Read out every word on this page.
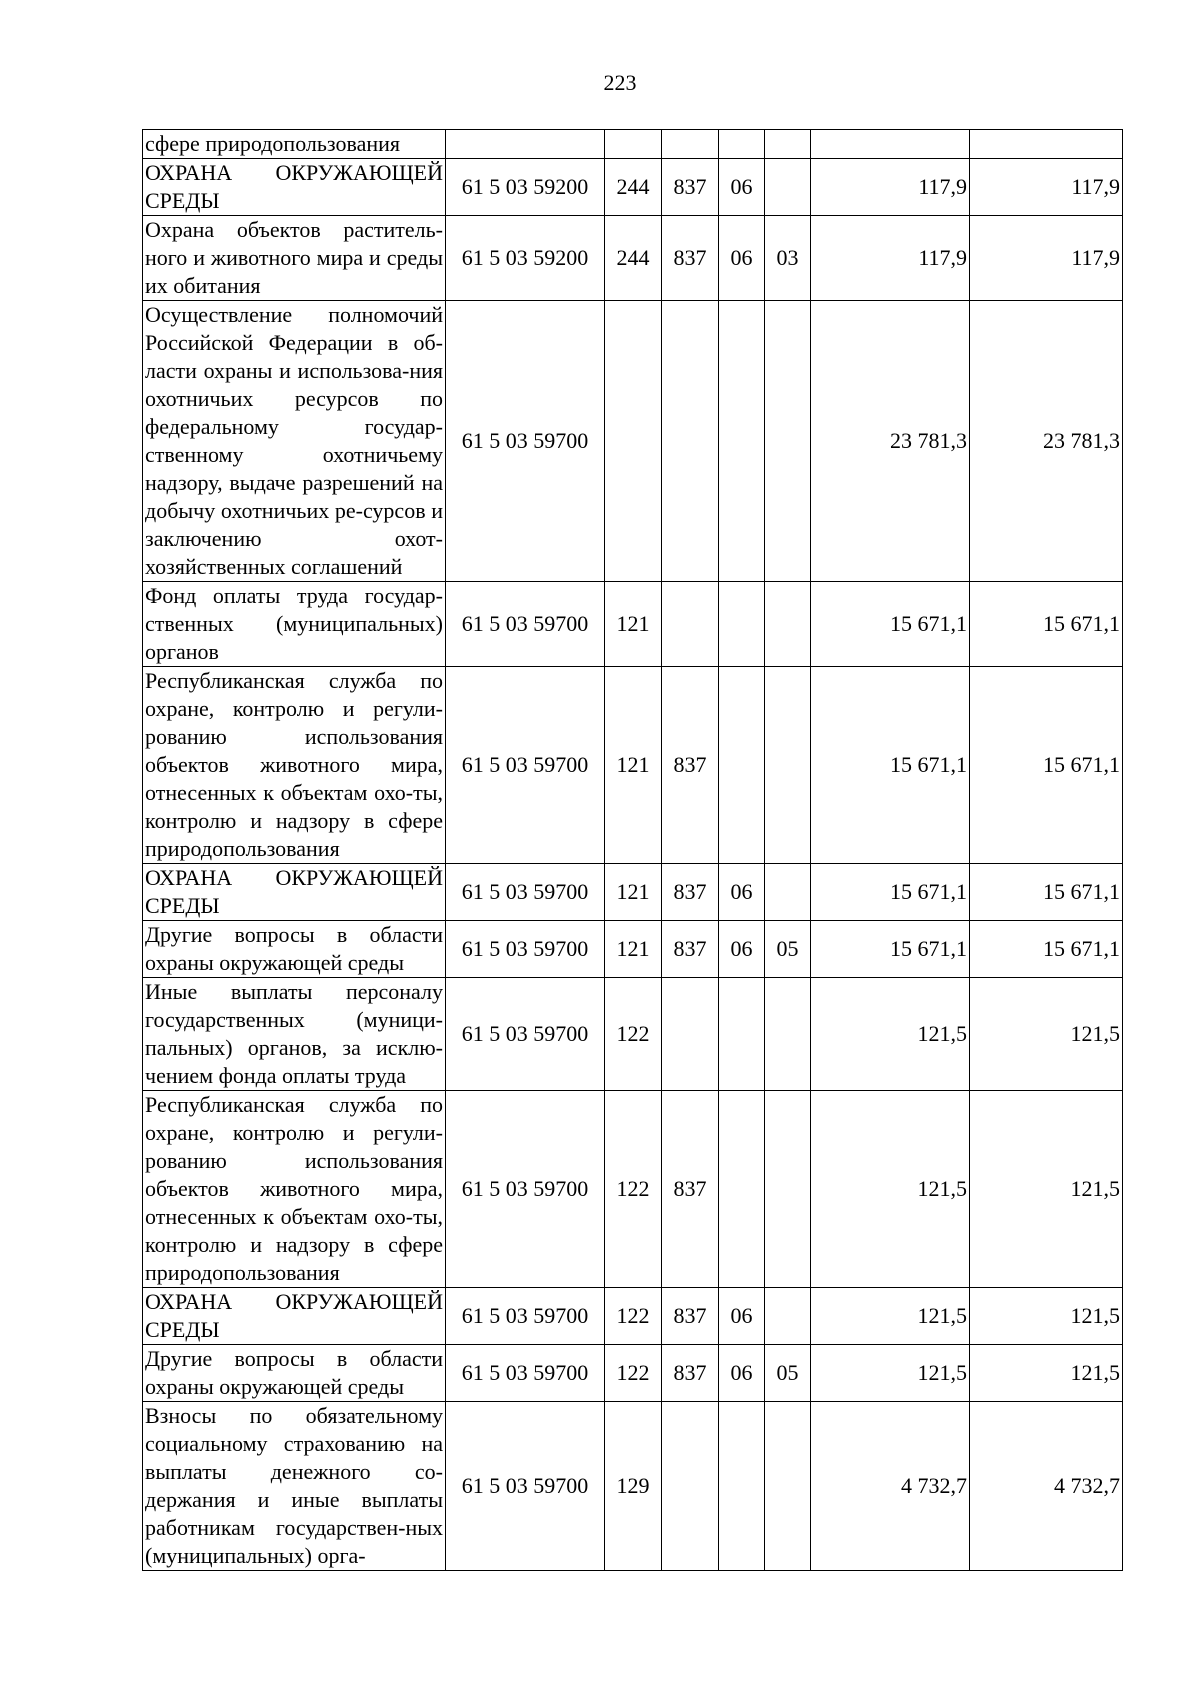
223
сфере природопользования							
ОХРАНА ОКРУЖАЮЩЕЙ СРЕДЫ	61 5 03 59200	244	837	06		117,9	117,9
Охрана объектов раститель-ного и животного мира и среды их обитания	61 5 03 59200	244	837	06	03	117,9	117,9
Осуществление полномочий Российской Федерации в об-ласти охраны и использова-ния охотничьих ресурсов по федеральному государ-ственному охотничьему надзору, выдаче разрешений на добычу охотничьих ре-сурсов и заключению охот-хозяйственных соглашений	61 5 03 59700					23 781,3	23 781,3
Фонд оплаты труда государ-ственных (муниципальных) органов	61 5 03 59700	121				15 671,1	15 671,1
Республиканская служба по охране, контролю и регули-рованию использования объектов животного мира, отнесенных к объектам охо-ты, контролю и надзору в сфере природопользования	61 5 03 59700	121	837			15 671,1	15 671,1
ОХРАНА ОКРУЖАЮЩЕЙ СРЕДЫ	61 5 03 59700	121	837	06		15 671,1	15 671,1
Другие вопросы в области охраны окружающей среды	61 5 03 59700	121	837	06	05	15 671,1	15 671,1
Иные выплаты персоналу государственных (муници-пальных) органов, за исклю-чением фонда оплаты труда	61 5 03 59700	122				121,5	121,5
Республиканская служба по охране, контролю и регули-рованию использования объектов животного мира, отнесенных к объектам охо-ты, контролю и надзору в сфере природопользования	61 5 03 59700	122	837			121,5	121,5
ОХРАНА ОКРУЖАЮЩЕЙ СРЕДЫ	61 5 03 59700	122	837	06		121,5	121,5
Другие вопросы в области охраны окружающей среды	61 5 03 59700	122	837	06	05	121,5	121,5
Взносы по обязательному социальному страхованию на выплаты денежного со-держания и иные выплаты работникам государствен-ных (муниципальных) орга-	61 5 03 59700	129				4 732,7	4 732,7
